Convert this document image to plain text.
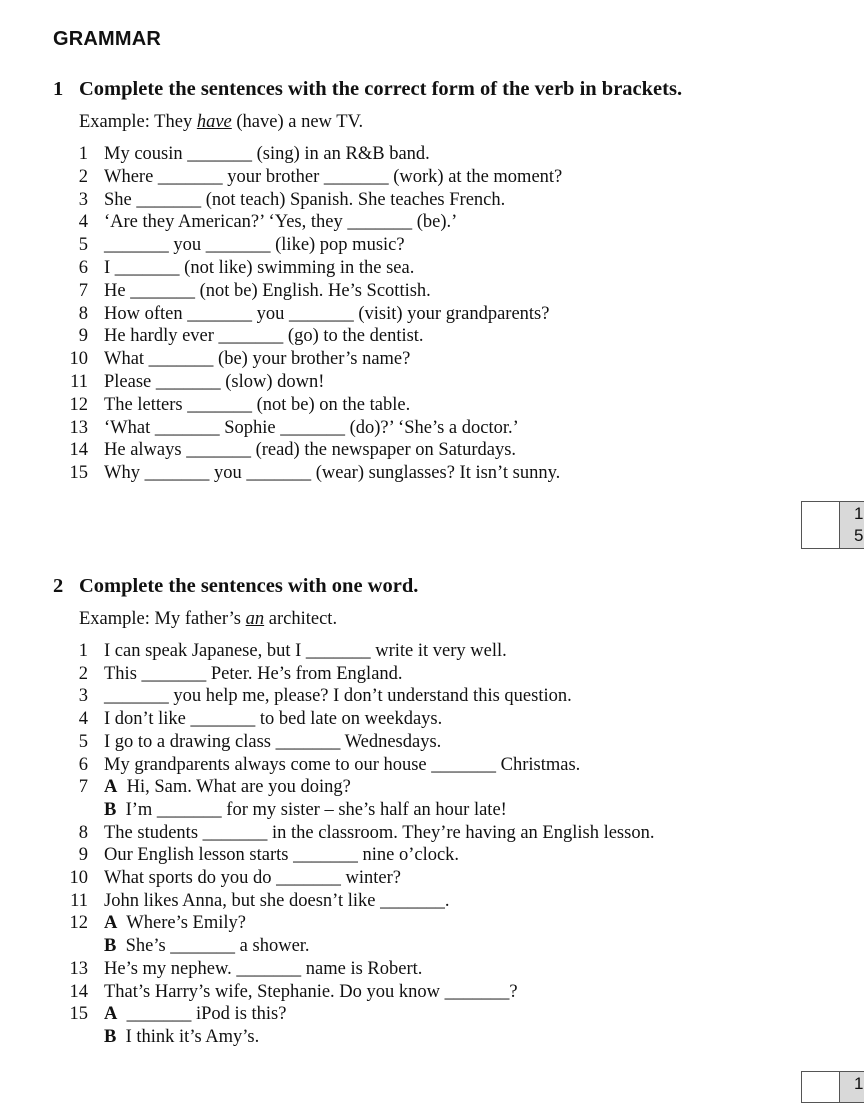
GRAMMAR
1 Complete the sentences with the correct form of the verb in brackets.
Example: They have (have) a new TV.
1 My cousin _______ (sing) in an R&B band.
2 Where _______ your brother _______ (work) at the moment?
3 She _______ (not teach) Spanish. She teaches French.
4 ‘Are they American?’ ‘Yes, they _______ (be).’
5 _______ you _______ (like) pop music?
6 I _______ (not like) swimming in the sea.
7 He _______ (not be) English. He’s Scottish.
8 How often _______ you _______ (visit) your grandparents?
9 He hardly ever _______ (go) to the dentist.
10 What _______ (be) your brother’s name?
11 Please _______ (slow) down!
12 The letters _______ (not be) on the table.
13 ‘What _______ Sophie _______ (do)?’ ‘She’s a doctor.’
14 He always _______ (read) the newspaper on Saturdays.
15 Why _______ you _______ (wear) sunglasses? It isn’t sunny.
1
5
2 Complete the sentences with one word.
Example: My father’s an architect.
1 I can speak Japanese, but I _______ write it very well.
2 This _______ Peter. He’s from England.
3 _______ you help me, please? I don’t understand this question.
4 I don’t like _______ to bed late on weekdays.
5 I go to a drawing class _______ Wednesdays.
6 My grandparents always come to our house _______ Christmas.
7 A Hi, Sam. What are you doing?
B I’m _______ for my sister – she’s half an hour late!
8 The students _______ in the classroom. They’re having an English lesson.
9 Our English lesson starts _______ nine o’clock.
10 What sports do you do _______ winter?
11 John likes Anna, but she doesn’t like _______.
12 A Where’s Emily?
B She’s _______ a shower.
13 He’s my nephew. _______ name is Robert.
14 That’s Harry’s wife, Stephanie. Do you know _______?
15 A _______ iPod is this?
B I think it’s Amy’s.
1
